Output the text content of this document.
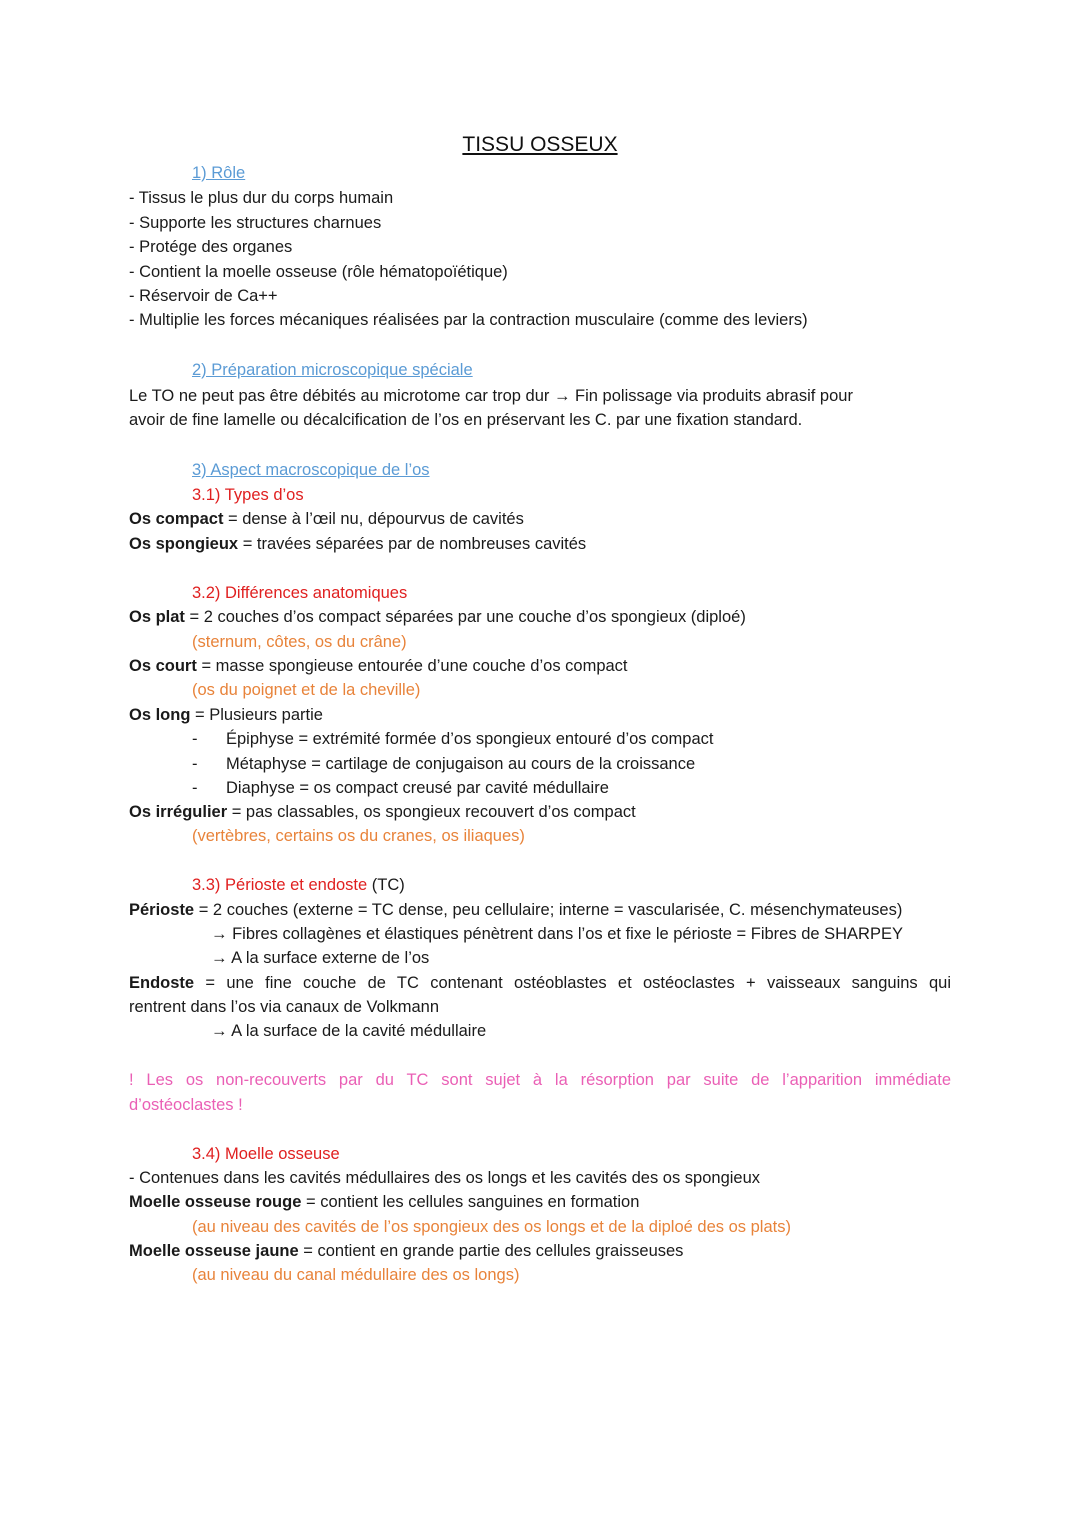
TISSU OSSEUX
1) Rôle
- Tissus le plus dur du corps humain
- Supporte les structures charnues
- Protége des organes
- Contient la moelle osseuse (rôle hématopoïétique)
- Réservoir de Ca++
- Multiplie les forces mécaniques réalisées par la contraction musculaire (comme des leviers)
2) Préparation microscopique spéciale
Le TO ne peut pas être débités au microtome car trop dur → Fin polissage via produits abrasif pour
avoir de fine lamelle ou décalcification de l’os en préservant les C. par une fixation standard.
3) Aspect macroscopique de l’os
3.1) Types d’os
Os compact = dense à l’œil nu, dépourvus de cavités
Os spongieux = travées séparées par de nombreuses cavités
3.2) Différences anatomiques
Os plat = 2 couches d’os compact séparées par une couche d’os spongieux (diploé)
(sternum, côtes, os du crâne)
Os court = masse spongieuse entourée d’une couche d’os compact
(os du poignet et de la cheville)
Os long = Plusieurs partie
- Épiphyse = extrémité formée d’os spongieux entouré d’os compact
- Métaphyse = cartilage de conjugaison au cours de la croissance
- Diaphyse = os compact creusé par cavité médullaire
Os irrégulier = pas classables, os spongieux recouvert d’os compact
(vertèbres, certains os du cranes, os iliaques)
3.3) Périoste et endoste (TC)
Périoste = 2 couches (externe = TC dense, peu cellulaire; interne = vascularisée, C. mésenchymateuses)
→ Fibres collagènes et élastiques pénètrent dans l’os et fixe le périoste = Fibres de SHARPEY
→ A la surface externe de l’os
Endoste = une fine couche de TC contenant ostéoblastes et ostéoclastes + vaisseaux sanguins qui
rentrent dans l’os via canaux de Volkmann
→ A la surface de la cavité médullaire
! Les os non-recouverts par du TC sont sujet à la résorption par suite de l’apparition immédiate
d’ostéoclastes !
3.4) Moelle osseuse
- Contenues dans les cavités médullaires des os longs et les cavités des os spongieux
Moelle osseuse rouge = contient les cellules sanguines en formation
(au niveau des cavités de l’os spongieux des os longs et de la diploé des os plats)
Moelle osseuse jaune = contient en grande partie des cellules graisseuses
(au niveau du canal médullaire des os longs)
